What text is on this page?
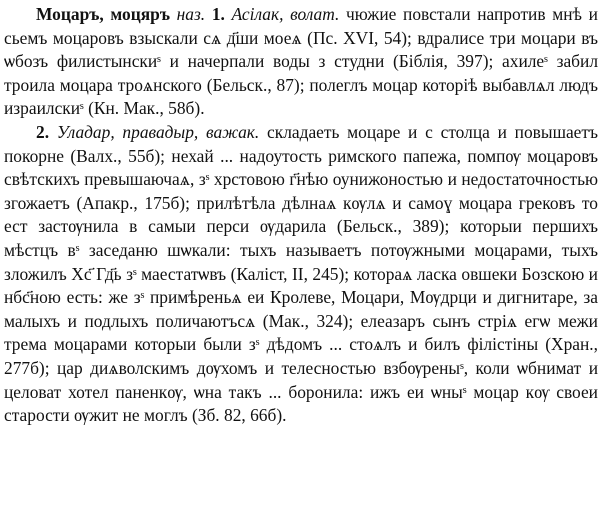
Моцаръ, моцяръ наз. 1. Асілак, волат. чюжие повстали напротив мнѣ и сьемъ моцаровъ взыскали сѧ д҃ши моеѧ (Пс. XVI, 54); вдралисе три моцари въ ѡбозъ филистынскиˢ и начерпали воды з студни (Біблія, 397); ахилеˢ забил троила моцара троѧнского (Бельск., 87); полеглъ моцар которiѣ выбавлѧл людъ израилскиˢ (Кн. Мак., 58б).

2. Уладар, правадыр, важак. складаеть моцаре и с столца и повышаетъ покорне (Валх., 55б); нехай ... надоутость римского папежа, помпѹ моцаровъ свѣтскихъ превышаючаѧ, зˢ хрстовою г҃нѣю оунижоностью и недостаточностью згожаетъ (Апакр., 175б); прилѣтѣла дѣлнаѧ кѹлѧ и самоɣ моцара грековъ то ест застѹнила в самыи перси ѹдарила (Бельск., 389); которыи першихъ мѣстцъ вˢ заседаню шѡкали: тыхъ называетъ потѹжными моцарами, тыхъ зложилъ Хс҃ Гд҃ь зˢ маестатѡвъ (Каліст, II, 245); котораѧ ласка овшеки Бозскою и нбс҃ною есть: же зˢ примѣреньѧ еи Кролеве, Моцари, Мѹдрци и дигнитаре, за малыхъ и подлыхъ поличаютъсѧ (Мак., 324); елеазаръ сынъ стрiѧ егѡ межи трема моцарами которыи были зˢ дѣдомъ ... стоѧлъ и билъ філістіны (Хран., 277б); цар диѧволскимъ дѹхомъ и телесностью взбѹреныˢ, коли ѡбнимат и целоват хотел паненкѹ, ѡна такъ ... боронила: ижъ еи ѡныˢ моцар кѹ своеи старости ѹжит не моглъ (Зб. 82, 66б).
